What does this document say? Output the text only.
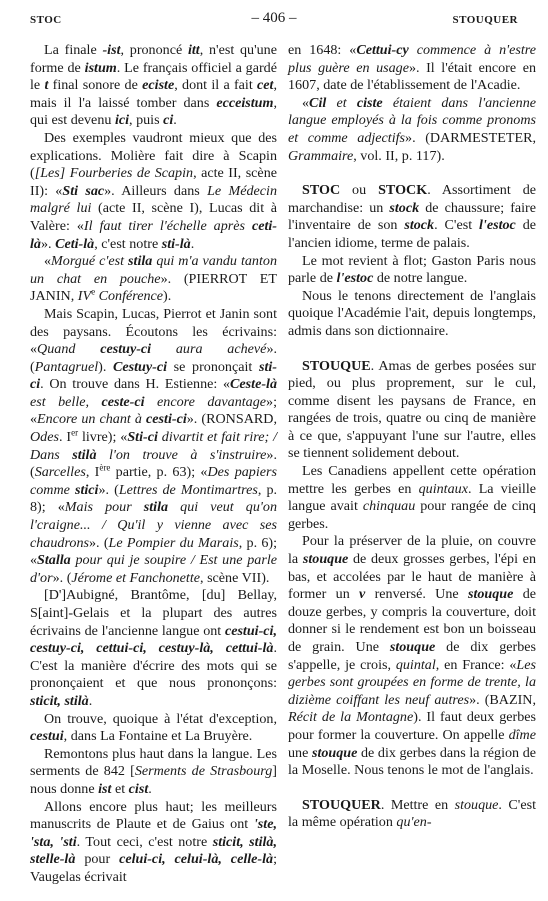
STOC	– 406 –	STOUQUER

La finale -ist, prononcé itt, n'est qu'une forme de istum. Le français officiel a gardé le t final sonore de eciste, dont il a fait cet, mais il l'a laissé tomber dans ecceistum, qui est devenu ici, puis ci.

Des exemples vaudront mieux que des explications. Molière fait dire à Scapin ([Les] Fourberies de Scapin, acte II, scène II): «Sti sac». Ailleurs dans Le Médecin malgré lui (acte II, scène I), Lucas dit à Valère: «Il faut tirer l'échelle après ceti-là». Ceti-là, c'est notre sti-là.

«Morgué c'est stila qui m'a vandu tanton un chat en pouche». (PIERROT ET JANIN, IVe Conférence).

Mais Scapin, Lucas, Pierrot et Janin sont des paysans. Écoutons les écrivains: «Quand cestuy-ci aura achevé». (Pantagruel). Cestuy-ci se prononçait sti-ci. On trouve dans H. Estienne: «Ceste-là est belle, ceste-ci encore davantage»; «Encore un chant à cesti-ci». (RONSARD, Odes. Ier livre); «Sti-ci divartit et fait rire; / Dans stilà l'on trouve à s'instruire». (Sarcelles, Ière partie, p. 63); «Des papiers comme stici». (Lettres de Montimartres, p. 8); «Mais pour stila qui veut qu'on l'craigne... / Qu'il y vienne avec ses chaudrons». (Le Pompier du Marais, p. 6); «Stalla pour qui je soupire / Est une parle d'or». (Jérome et Fanchonette, scène VII).

[D']Aubigné, Brantôme, [du] Bellay, S[aint]-Gelais et la plupart des autres écrivains de l'ancienne langue ont cestui-ci, cestuy-ci, cettui-ci, cestuy-là, cettui-là. C'est la manière d'écrire des mots qui se prononçaient et que nous prononçons: sticit, stilà.

On trouve, quoique à l'état d'exception, cestui, dans La Fontaine et La Bruyère.

Remontons plus haut dans la langue. Les serments de 842 [Serments de Strasbourg] nous donne ist et cist.

Allons encore plus haut; les meilleurs manuscrits de Plaute et de Gaius ont 'ste, 'sta, 'sti. Tout ceci, c'est notre sticit, stilà, stelle-là pour celui-ci, celui-là, celle-là; Vaugelas écrivait

en 1648: «Cettui-cy commence à n'estre plus guère en usage». Il l'était encore en 1607, date de l'établissement de l'Acadie.

«Cil et ciste étaient dans l'ancienne langue employés à la fois comme pronoms et comme adjectifs». (DARMESTETER, Grammaire, vol. II, p. 117).

STOC ou STOCK. Assortiment de marchandise: un stock de chaussure; faire l'inventaire de son stock. C'est l'estoc de l'ancien idiome, terme de palais.

Le mot revient à flot; Gaston Paris nous parle de l'estoc de notre langue.

Nous le tenons directement de l'anglais quoique l'Académie l'ait, depuis longtemps, admis dans son dictionnaire.

STOUQUE. Amas de gerbes posées sur pied, ou plus proprement, sur le cul, comme disent les paysans de France, en rangées de trois, quatre ou cinq de manière à ce que, s'appuyant l'une sur l'autre, elles se tiennent solidement debout.

Les Canadiens appellent cette opération mettre les gerbes en quintaux. La vieille langue avait chinquau pour rangée de cinq gerbes.

Pour la préserver de la pluie, on couvre la stouque de deux grosses gerbes, l'épi en bas, et accolées par le haut de manière à former un v renversé. Une stouque de douze gerbes, y compris la couverture, doit donner si le rendement est bon un boisseau de grain. Une stouque de dix gerbes s'appelle, je crois, quintal, en France: «Les gerbes sont groupées en forme de trente, la dizième coiffant les neuf autres». (BAZIN, Récit de la Montagne). Il faut deux gerbes pour former la couverture. On appelle dîme une stouque de dix gerbes dans la région de la Moselle. Nous tenons le mot de l'anglais.

STOUQUER. Mettre en stouque. C'est la même opération qu'en-
